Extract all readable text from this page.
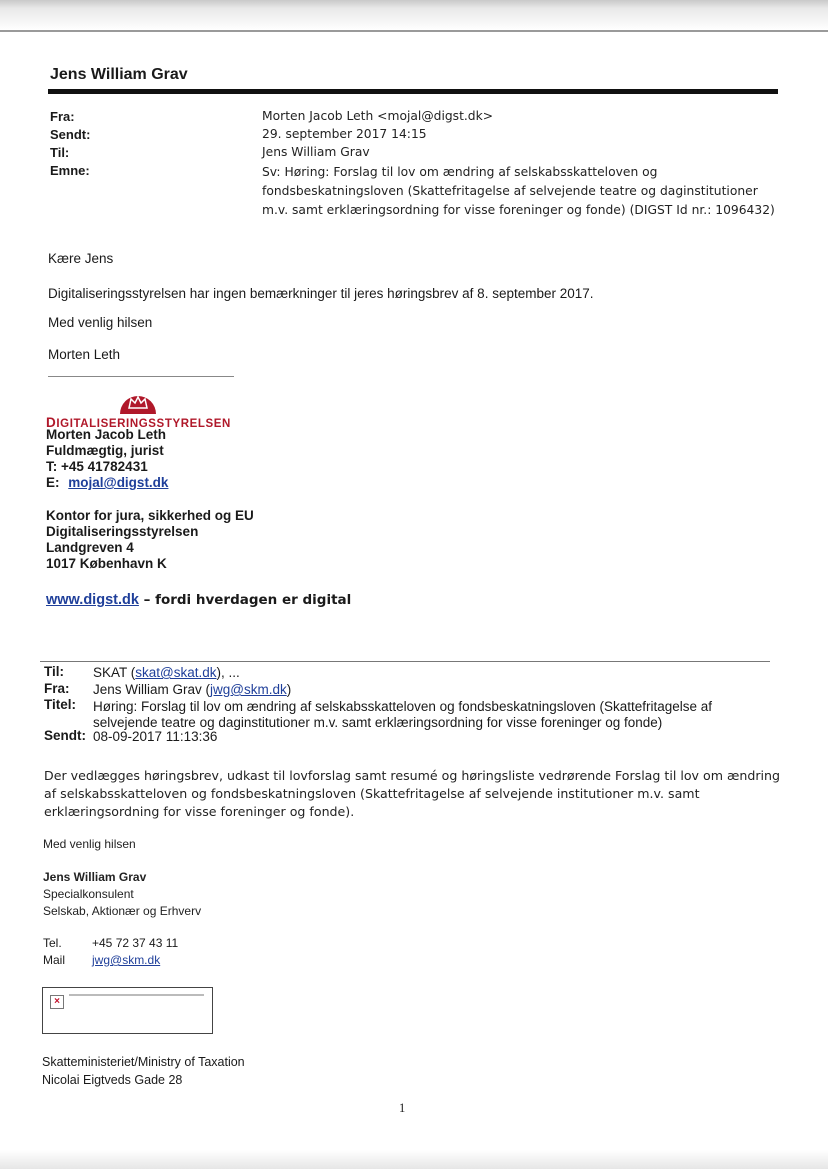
Jens William Grav
Fra:	Morten Jacob Leth <mojal@digst.dk>
Sendt:	29. september 2017 14:15
Til:	Jens William Grav
Emne:	Sv: Høring: Forslag til lov om ændring af selskabsskatteloven og
fondsbeskatningsloven (Skattefritagelse af selvejende teatre og daginstitutioner
m.v. samt erklæringsordning for visse foreninger og fonde) (DIGST Id nr.: 1096432)
Kære Jens
Digitaliseringsstyrelsen har ingen bemærkninger til jeres høringsbrev af 8. september 2017.
Med venlig hilsen
Morten Leth
DIGITALISERINGSSTYRELSEN
Morten Jacob Leth
Fuldmægtig, jurist
T: +45 41782431
E: mojal@digst.dk
Kontor for jura, sikkerhed og EU
Digitaliseringsstyrelsen
Landgreven 4
1017 København K
www.digst.dk – fordi hverdagen er digital
Til: SKAT (skat@skat.dk), ...
Fra: Jens William Grav (jwg@skm.dk)
Titel: Høring: Forslag til lov om ændring af selskabsskatteloven og fondsbeskatningsloven (Skattefritagelse af
selvejende teatre og daginstitutioner m.v. samt erklæringsordning for visse foreninger og fonde)
Sendt: 08-09-2017 11:13:36
Der vedlægges høringsbrev, udkast til lovforslag samt resumé og høringsliste vedrørende Forslag til lov om ændring
af selskabsskatteloven og fondsbeskatningsloven (Skattefritagelse af selvejende institutioner m.v. samt
erklæringsordning for visse foreninger og fonde).
Med venlig hilsen
Jens William Grav
Specialkonsulent
Selskab, Aktionær og Erhverv
Tel.	+45 72 37 43 11
Mail jwg@skm.dk
×
Skatteministeriet/Ministry of Taxation
Nicolai Eigtveds Gade 28
1
